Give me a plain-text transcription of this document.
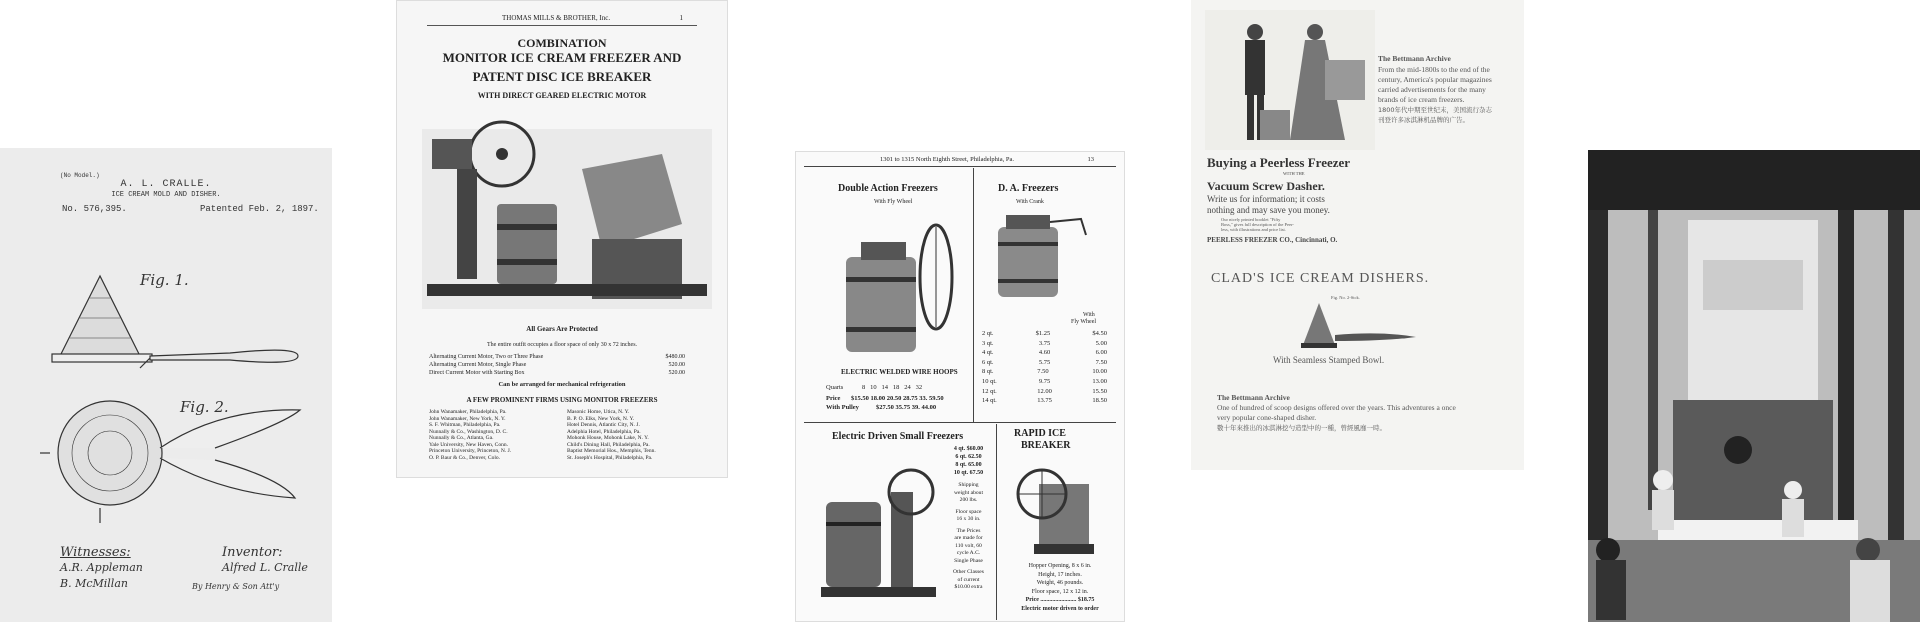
(No Model.)
A. L. CRALLE.
ICE CREAM MOLD AND DISHER.
No. 576,395.	Patented Feb. 2, 1897.
Fig. 1.
Fig. 2.
Witnesses:
A.R. Appleman
B. McMillan
Inventor:
Alfred L. Cralle
By Henry & Son Att'y
THOMAS MILLS & BROTHER, Inc.	1
COMBINATION
MONITOR ICE CREAM FREEZER AND
PATENT DISC ICE BREAKER
WITH DIRECT GEARED ELECTRIC MOTOR
All Gears Are Protected
The entire outfit occupies a floor space of only 30 x 72 inches.
Alternating Current Motor, Two or Three Phase	$480.00
Alternating Current Motor, Single Phase	520.00
Direct Current Motor with Starting Box	520.00
Can be arranged for mechanical refrigeration
A FEW PROMINENT FIRMS USING MONITOR FREEZERS
John Wanamaker, Philadelphia, Pa.
John Wanamaker, New York, N. Y.
S. F. Whitman, Philadelphia, Pa.
Nunnally & Co., Washington, D. C.
Nunnally & Co., Atlanta, Ga.
Yale University, New Haven, Conn.
Princeton University, Princeton, N. J.
O. P. Baur & Co., Denver, Colo.
Masonic Home, Utica, N. Y.
B. P. O. Elks, New York, N. Y.
Hotel Dennis, Atlantic City, N. J.
Adelphia Hotel, Philadelphia, Pa.
Mohonk House, Mohonk Lake, N. Y.
Child's Dining Hall, Philadelphia, Pa.
Baptist Memorial Hos., Memphis, Tenn.
St. Joseph's Hospital, Philadelphia, Pa.
1301 to 1315 North Eighth Street, Philadelphia, Pa.	13
Double Action Freezers
With Fly Wheel
ELECTRIC WELDED WIRE HOOPS
Quarts	8   10   14   18   24   32
Price $15.50 18.00 20.50 28.75 33. 59.50
With Pulley	$27.50 35.75 39. 44.00
D. A. Freezers
With Crank
With
Fly Wheel
2 qt.	$1.25	$4.50
3 qt.	3.75	5.00
4 qt.	4.60	6.00
6 qt.	5.75	7.50
8 qt.	7.50	10.00
10 qt.	9.75	13.00
12 qt.	12.00	15.50
14 qt.	13.75	18.50
Electric Driven Small Freezers
4 qt. $60.00
6 qt. 62.50
8 qt. 65.00
10 qt. 67.50
Shipping
weight about
200 lbs.
Floor space
16 x 30 in.
The Prices
are made for
110 volt, 60
cycle A.C.
Single Phase
Other Classes
of current
$10.00 extra
RAPID ICE
BREAKER
Hopper Opening, 8 x 6 in.
Height, 17 inches.
Weight, 46 pounds.
Floor space, 12 x 12 in.
Price ........................ $18.75
Electric motor driven to order
The Bettmann Archive
From the mid-1800s to the end of the
century, America's popular magazines
carried advertisements for the many
brands of ice cream freezers.
1800年代中期至世纪末，美国流行杂志
刊登许多冰淇淋机品牌的广告。
Buying a Peerless Freezer
WITH THE
Vacuum Screw Dasher.
Write us for information; it costs
nothing and may save you money.
Our nicely printed booklet "Fifty
Boss," gives full description of the Peer-
less, with illustrations and price list.
PEERLESS FREEZER CO., Cincinnati, O.
CLAD'S ICE CREAM DISHERS.
Fig. No. 2-Stck.
With Seamless Stamped Bowl.
The Bettmann Archive
One of hundred of scoop designs offered over the years. This adventures a once
very popular cone-shaped disher.
數十年來推出的冰淇淋挖勺造型中的一種，曾經風靡一時。
